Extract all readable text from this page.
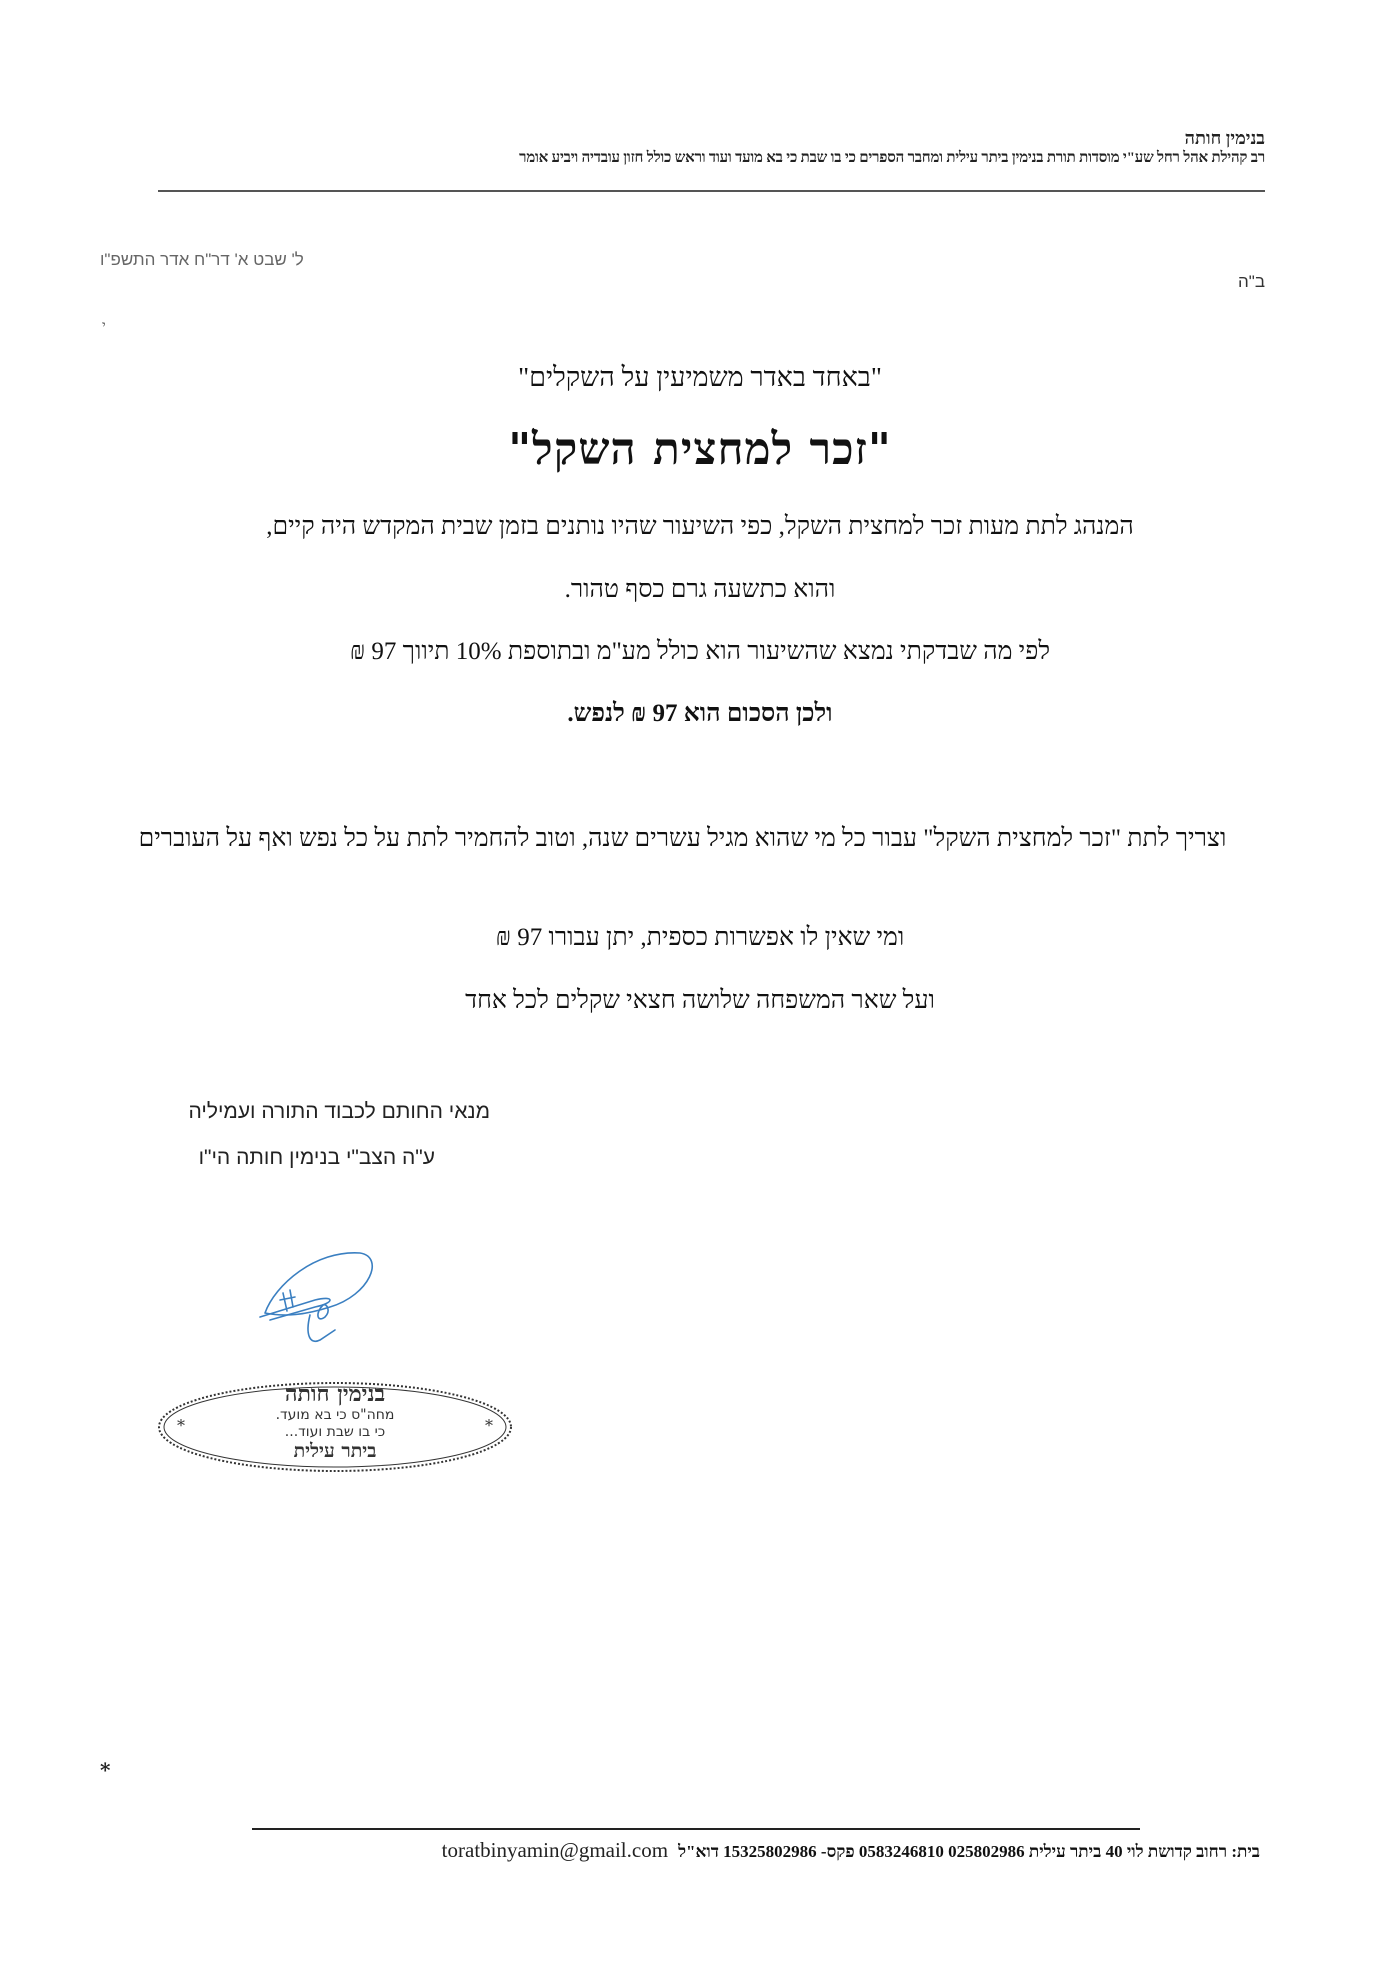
בנימין חותה
רב קהילת אהל רחל שע"י מוסדות תורת בנימין ביתר עילית ומחבר הספרים כי בו שבת כי בא מועד ועוד וראש כולל חזון עובדיה ויביע אומר
ל' שבט א' דר"ח אדר התשפ"ו
ב"ה
י
"באחד באדר משמיעין על השקלים"
"זכר למחצית השקל"
המנהג לתת מעות זכר למחצית השקל, כפי השיעור שהיו נותנים בזמן שבית המקדש היה קיים,
והוא כתשעה גרם כסף טהור.
לפי מה שבדקתי נמצא שהשיעור הוא כולל מע"מ ובתוספת 10% תיווך 97 ₪
ולכן הסכום הוא 97 ₪ לנפש.
וצריך לתת "זכר למחצית השקל" עבור כל מי שהוא מגיל עשרים שנה, וטוב להחמיר לתת על כל נפש ואף על העוברים
ומי שאין לו אפשרות כספית, יתן עבורו 97 ₪
ועל שאר המשפחה שלושה חצאי שקלים לכל אחד
מנאי החותם לכבוד התורה ועמיליה
ע"ה הצב"י בנימין חותה הי"ו
בנימין חותה
מחה"ס כי בא מועד.
כי בו שבת ועוד...
ביתר עילית
*	*
*
בית: רחוב קדושת לוי 40 ביתר עילית 025802986 0583246810 פקס- 15325802986 דוא"ל toratbinyamin@gmail.com
